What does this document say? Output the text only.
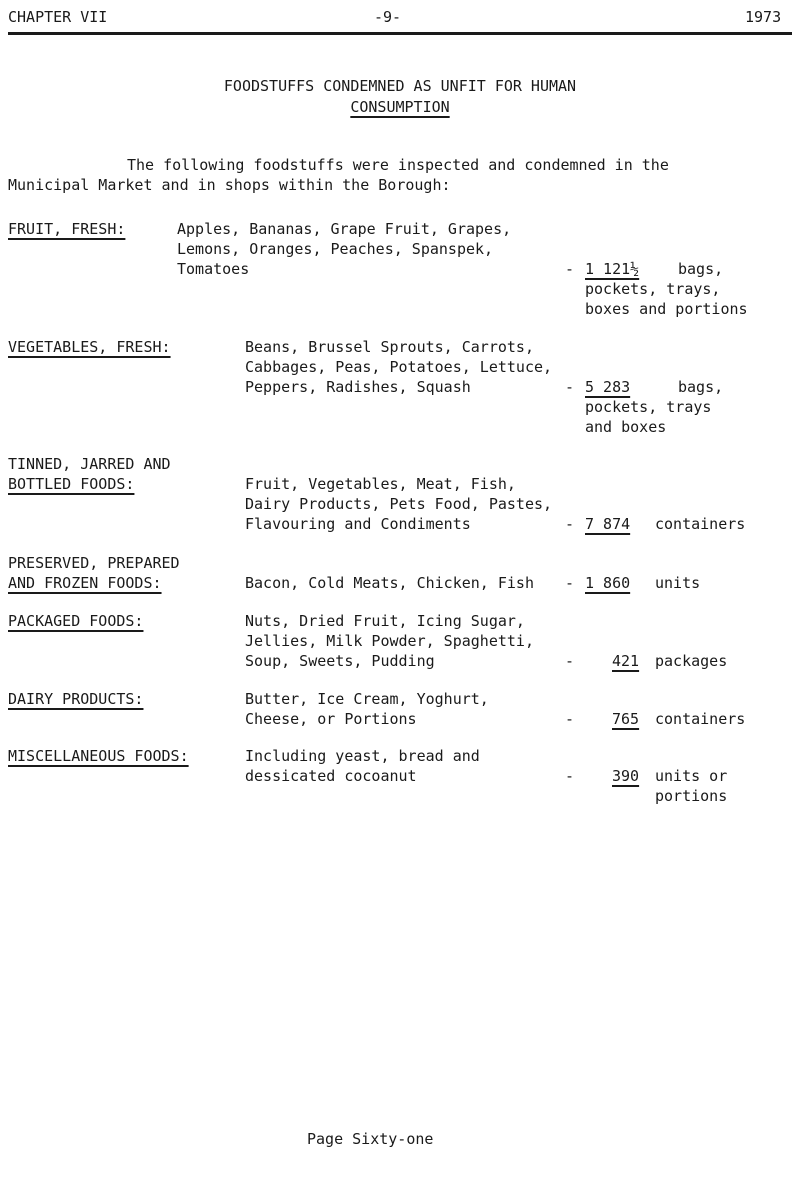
CHAPTER VII	-9-	1973
FOODSTUFFS CONDEMNED AS UNFIT FOR HUMAN
CONSUMPTION
The following foodstuffs were inspected and condemned in the
Municipal Market and in shops within the Borough:
FRUIT, FRESH:	Apples, Bananas, Grape Fruit, Grapes,
Lemons, Oranges, Peaches, Spanspek,
Tomatoes	- 1 121½	bags,
pockets, trays,
boxes and portions
VEGETABLES, FRESH:	Beans, Brussel Sprouts, Carrots,
Cabbages, Peas, Potatoes, Lettuce,
Peppers, Radishes, Squash	- 5 283	bags,
pockets, trays
and boxes
TINNED, JARRED AND
BOTTLED FOODS:	Fruit, Vegetables, Meat, Fish,
Dairy Products, Pets Food, Pastes,
Flavouring and Condiments	- 7 874 containers
PRESERVED, PREPARED
AND FROZEN FOODS:	Bacon, Cold Meats, Chicken, Fish - 1 860 units
PACKAGED FOODS:	Nuts, Dried Fruit, Icing Sugar,
Jellies, Milk Powder, Spaghetti,
Soup, Sweets, Pudding	-	421 packages
DAIRY PRODUCTS:	Butter, Ice Cream, Yoghurt,
Cheese, or Portions	-	765 containers
MISCELLANEOUS FOODS:	Including yeast, bread and
dessicated cocoanut	-	390 units or
portions
Page Sixty-one
